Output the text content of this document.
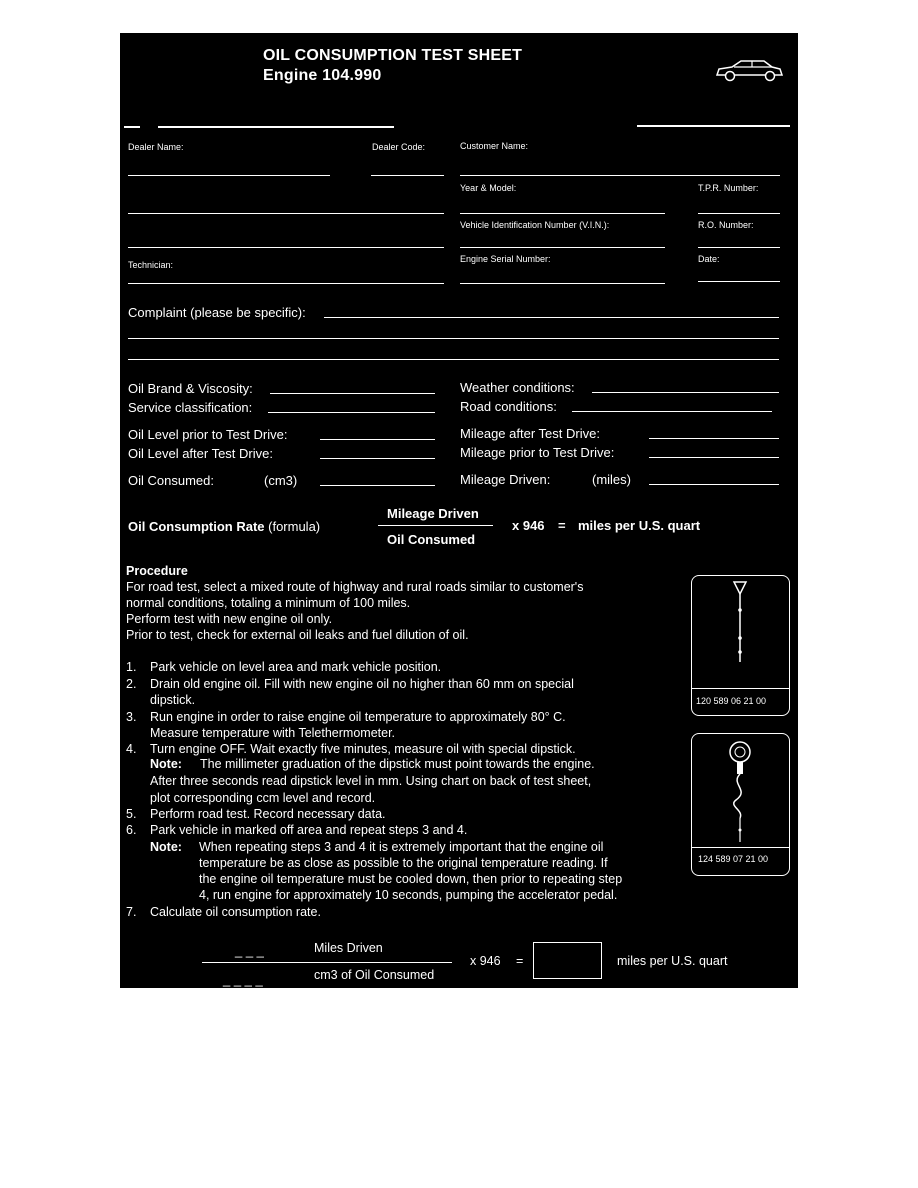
OIL CONSUMPTION TEST SHEET
Engine 104.990
Dealer Name:	Dealer Code:	Customer Name:
Year & Model:	T.P.R. Number:
Vehicle Identification Number (V.I.N.):	R.O. Number:
Technician:
Engine Serial Number:	Date:
Complaint (please be specific):
Oil Brand & Viscosity:	Weather conditions:
Service classification:	Road conditions:
Oil Level prior to Test Drive:	Mileage after Test Drive:
Oil Level after Test Drive:	Mileage prior to Test Drive:
Oil Consumed:	(cm3)	Mileage Driven:	(miles)
Oil Consumption Rate (formula)
Mileage Driven
Oil Consumed
x 946 = miles per U.S. quart
Procedure
For road test, select a mixed route of highway and rural roads similar to customer's
normal conditions, totaling a minimum of 100 miles.
Perform test with new engine oil only.
Prior to test, check for external oil leaks and fuel dilution of oil.
1. Park vehicle on level area and mark vehicle position.
2. Drain old engine oil. Fill with new engine oil no higher than 60 mm on special
dipstick.
3. Run engine in order to raise engine oil temperature to approximately 80° C.
Measure temperature with Telethermometer.
4. Turn engine OFF. Wait exactly five minutes, measure oil with special dipstick.
Note: The millimeter graduation of the dipstick must point towards the engine.
After three seconds read dipstick level in mm. Using chart on back of test sheet,
plot corresponding ccm level and record.
5. Perform road test. Record necessary data.
6. Park vehicle in marked off area and repeat steps 3 and 4.
Note: When repeating steps 3 and 4 it is extremely important that the engine oil
temperature be as close as possible to the original temperature reading. If
the engine oil temperature must be cooled down, then prior to repeating step
4, run engine for approximately 10 seconds, pumping the accelerator pedal.
7. Calculate oil consumption rate.
120 589 06 21 00
124 589 07 21 00
_ _ _	Miles Driven
_ _ _ _	cm3 of Oil Consumed
x 946 =	miles per U.S. quart
